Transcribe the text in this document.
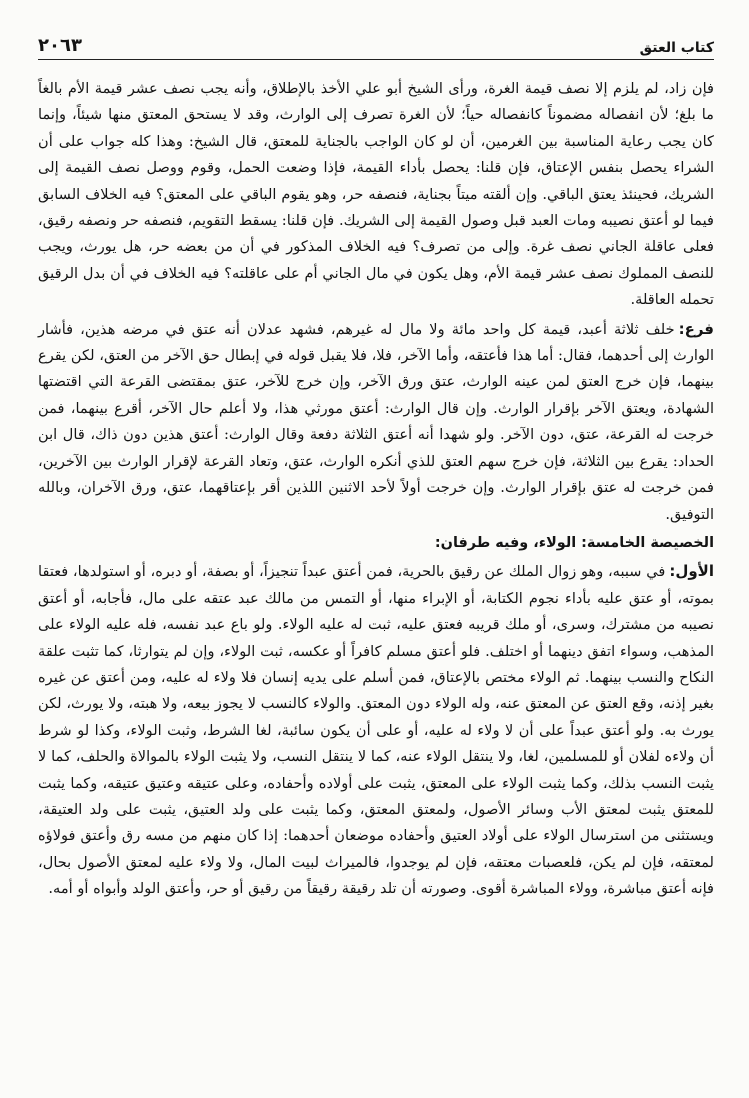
كتاب العتق
٢٠٦٣

فإن زاد، لم يلزم إلا نصف قيمة الغرة، ورأى الشيخ أبو علي الأخذ بالإطلاق، وأنه يجب نصف عشر قيمة الأم بالغاً ما بلغ؛ لأن انفصاله مضموناً كانفصاله حياً؛ لأن الغرة تصرف إلى الوارث، وقد لا يستحق المعتق منها شيئاً، وإنما كان يجب رعاية المناسبة بين الغرمين، أن لو كان الواجب بالجناية للمعتق، قال الشيخ: وهذا كله جواب على أن الشراء يحصل بنفس الإعتاق، فإن قلنا: يحصل بأداء القيمة، فإذا وضعت الحمل، وقوم ووصل نصف القيمة إلى الشريك، فحينئذ يعتق الباقي. وإن ألقته ميتاً بجناية، فنصفه حر، وهو يقوم الباقي على المعتق؟ فيه الخلاف السابق فيما لو أعتق نصيبه ومات العبد قبل وصول القيمة إلى الشريك. فإن قلنا: يسقط التقويم، فنصفه حر ونصفه رقيق، فعلى عاقلة الجاني نصف غرة. وإلى من تصرف؟ فيه الخلاف المذكور في أن من بعضه حر، هل يورث، ويجب للنصف المملوك نصف عشر قيمة الأم، وهل يكون في مال الجاني أم على عاقلته؟ فيه الخلاف في أن بدل الرقيق تحمله العاقلة.

فرع:خلف ثلاثة أعبد، قيمة كل واحد مائة ولا مال له غيرهم، فشهد عدلان أنه عتق في مرضه هذين، فأشار الوارث إلى أحدهما، فقال: أما هذا فأعتقه، وأما الآخر، فلا، فلا يقبل قوله في إبطال حق الآخر من العتق، لكن يقرع بينهما، فإن خرج العتق لمن عينه الوارث، عتق ورق الآخر، وإن خرج للآخر، عتق بمقتضى القرعة التي اقتضتها الشهادة، ويعتق الآخر بإقرار الوارث. وإن قال الوارث: أعتق مورثي هذا، ولا أعلم حال الآخر، أقرع بينهما، فمن خرجت له القرعة، عتق، دون الآخر. ولو شهدا أنه أعتق الثلاثة دفعة وقال الوارث: أعتق هذين دون ذاك، قال ابن الحداد: يقرع بين الثلاثة، فإن خرج سهم العتق للذي أنكره الوارث، عتق، وتعاد القرعة لإقرار الوارث بين الآخرين، فمن خرجت له عتق بإقرار الوارث. وإن خرجت أولاً لأحد الاثنين اللذين أقر بإعتاقهما، عتق، ورق الآخران، وبالله التوفيق.

الخصيصة الخامسة: الولاء، وفيه طرفان:

الأول:في سببه، وهو زوال الملك عن رقيق بالحرية، فمن أعتق عبداً تنجيزاً، أو بصفة، أو دبره، أو استولدها، فعتقا بموته، أو عتق عليه بأداء نجوم الكتابة، أو الإبراء منها، أو التمس من مالك عبد عتقه على مال، فأجابه، أو أعتق نصيبه من مشترك، وسرى، أو ملك قريبه فعتق عليه، ثبت له عليه الولاء. ولو باع عبد نفسه، فله عليه الولاء على المذهب، وسواء اتفق دينهما أو اختلف. فلو أعتق مسلم كافراً أو عكسه، ثبت الولاء، وإن لم يتوارثا، كما تثبت علقة النكاح والنسب بينهما. ثم الولاء مختص بالإعتاق، فمن أسلم على يديه إنسان فلا ولاء له عليه، ومن أعتق عن غيره بغير إذنه، وقع العتق عن المعتق عنه، وله الولاء دون المعتق. والولاء كالنسب لا يجوز بيعه، ولا هبته، ولا يورث، لكن يورث به. ولو أعتق عبداً على أن لا ولاء له عليه، أو على أن يكون سائبة، لغا الشرط، وثبت الولاء، وكذا لو شرط أن ولاءه لفلان أو للمسلمين، لغا، ولا ينتقل الولاء عنه، كما لا ينتقل النسب، ولا يثبت الولاء بالموالاة والحلف، كما لا يثبت النسب بذلك، وكما يثبت الولاء على المعتق، يثبت على أولاده وأحفاده، وعلى عتيقه وعتيق عتيقه، وكما يثبت للمعتق يثبت لمعتق الأب وسائر الأصول، ولمعتق المعتق، وكما يثبت على ولد العتيق، يثبت على ولد العتيقة، ويستثنى من استرسال الولاء على أولاد العتيق وأحفاده موضعان أحدهما: إذا كان منهم من مسه رق وأعتق فولاؤه لمعتقه، فإن لم يكن، فلعصبات معتقه، فإن لم يوجدوا، فالميراث لبيت المال، ولا ولاء عليه لمعتق الأصول بحال، فإنه أعتق مباشرة، وولاء المباشرة أقوى. وصورته أن تلد رقيقة رقيقاً من رقيق أو حر، وأعتق الولد وأبواه أو أمه.
